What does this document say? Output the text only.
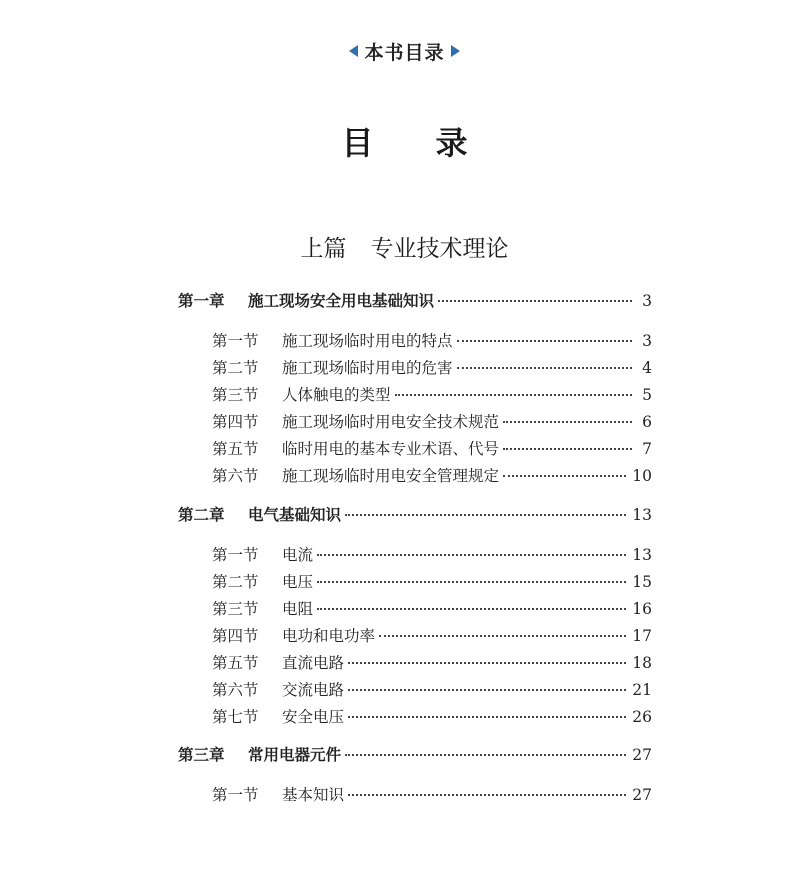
本书目录
目 录
上篇 专业技术理论
第一章	施工现场安全用电基础知识	3
第一节	施工现场临时用电的特点	3
第二节	施工现场临时用电的危害	4
第三节	人体触电的类型	5
第四节	施工现场临时用电安全技术规范	6
第五节	临时用电的基本专业术语、代号	7
第六节	施工现场临时用电安全管理规定	10
第二章	电气基础知识	13
第一节	电流	13
第二节	电压	15
第三节	电阻	16
第四节	电功和电功率	17
第五节	直流电路	18
第六节	交流电路	21
第七节	安全电压	26
第三章	常用电器元件	27
第一节	基本知识	27
